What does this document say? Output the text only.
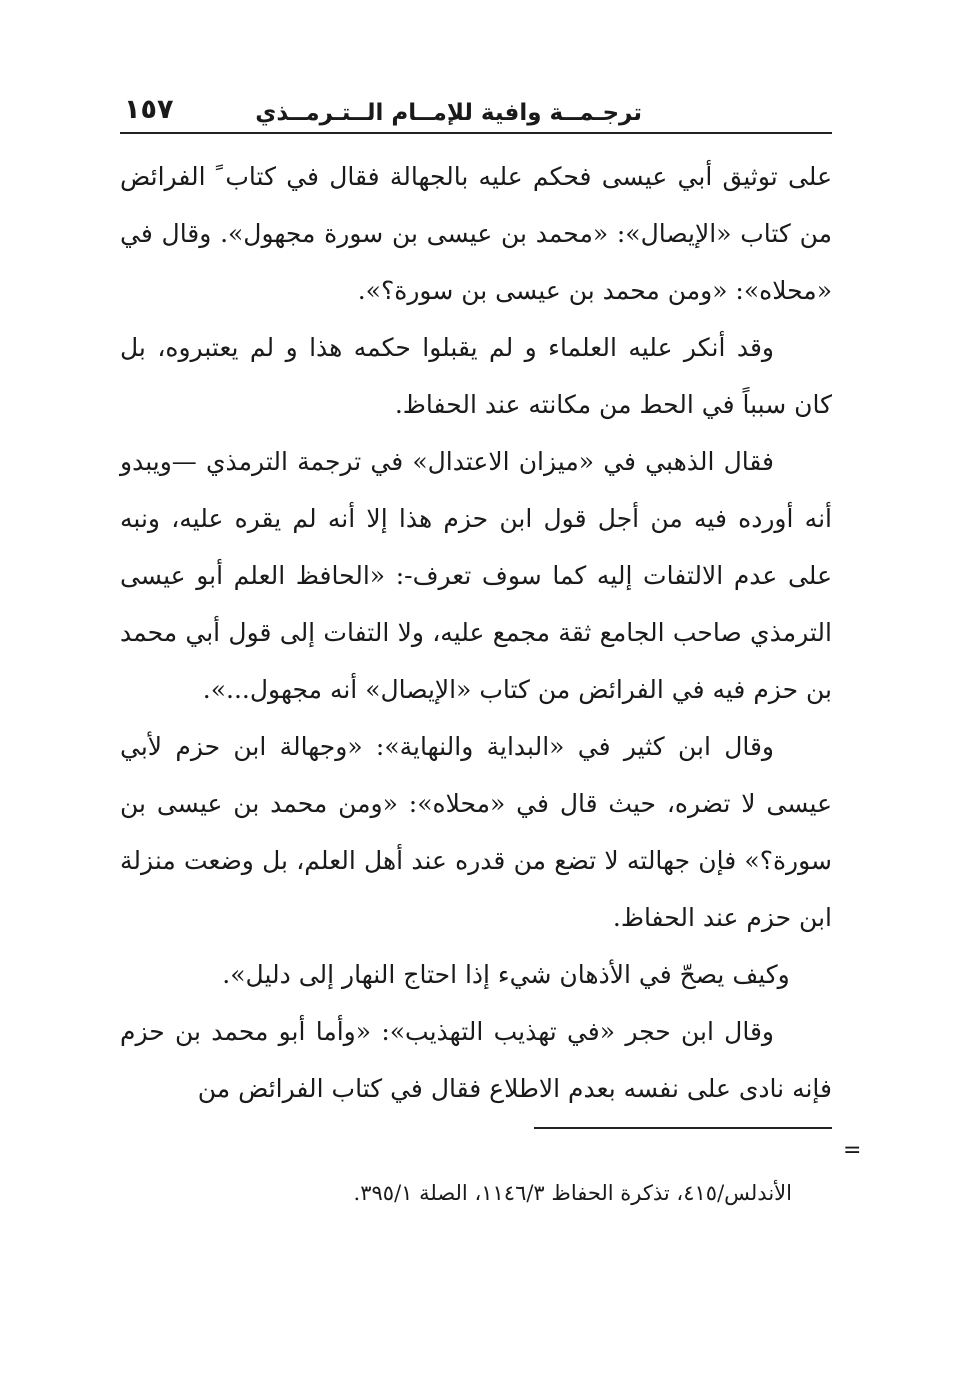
ترجـمــة وافية للإمــام الــتـرمــذي
١٥٧

على توثيق أبي عيسى فحكم عليه بالجهالة فقال في كتاب ً الفرائض من كتاب «الإيصال»: «محمد بن عيسى بن سورة مجهول». وقال في «محلاه»: «ومن محمد بن عيسى بن سورة؟».

وقد أنكر عليه العلماء و لم يقبلوا حكمه هذا و لم يعتبروه، بل كان سبباً في الحط من مكانته عند الحفاظ.

فقال الذهبي في «ميزان الاعتدال» في ترجمة الترمذي —ويبدو أنه أورده فيه من أجل قول ابن حزم هذا إلا أنه لم يقره عليه، ونبه على عدم الالتفات إليه كما سوف تعرف-: «الحافظ العلم أبو عيسى الترمذي صاحب الجامع ثقة مجمع عليه، ولا التفات إلى قول أبي محمد بن حزم فيه في الفرائض من كتاب «الإيصال» أنه مجهول...».

وقال ابن كثير في «البداية والنهاية»: «وجهالة ابن حزم لأبي عيسى لا تضره، حيث قال في «محلاه»: «ومن محمد بن عيسى بن سورة؟» فإن جهالته لا تضع من قدره عند أهل العلم، بل وضعت منزلة ابن حزم عند الحفاظ.

وكيف يصحّ في الأذهان شيء إذا احتاج النهار إلى دليل».

وقال ابن حجر «في تهذيب التهذيب»: «وأما أبو محمد بن حزم فإنه نادى على نفسه بعدم الاطلاع فقال في كتاب الفرائض من

=
الأندلس/٤١٥، تذكرة الحفاظ ١١٤٦/٣، الصلة ٣٩٥/١.
